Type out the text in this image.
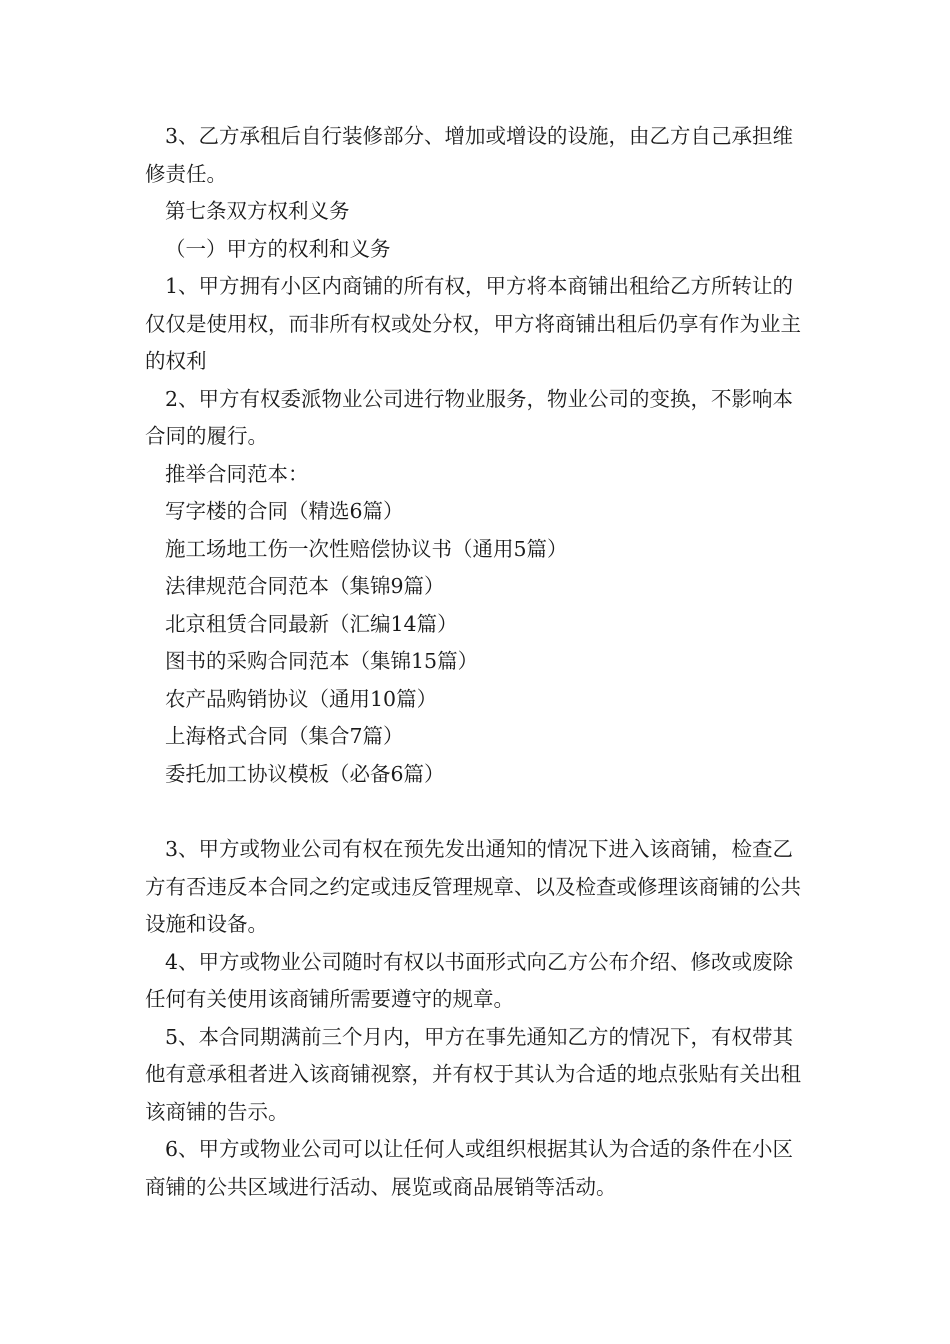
3、乙方承租后自行装修部分、增加或增设的设施，由乙方自己承担维修责任。

第七条双方权利义务

（一）甲方的权利和义务

1、甲方拥有小区内商铺的所有权，甲方将本商铺出租给乙方所转让的仅仅是使用权，而非所有权或处分权，甲方将商铺出租后仍享有作为业主的权利

2、甲方有权委派物业公司进行物业服务，物业公司的变换，不影响本合同的履行。

推举合同范本：

写字楼的合同（精选6篇）

施工场地工伤一次性赔偿协议书（通用5篇）

法律规范合同范本（集锦9篇）

北京租赁合同最新（汇编14篇）

图书的采购合同范本（集锦15篇）

农产品购销协议（通用10篇）

上海格式合同（集合7篇）

委托加工协议模板（必备6篇）

3、甲方或物业公司有权在预先发出通知的情况下进入该商铺，检查乙方有否违反本合同之约定或违反管理规章、以及检查或修理该商铺的公共设施和设备。

4、甲方或物业公司随时有权以书面形式向乙方公布介绍、修改或废除任何有关使用该商铺所需要遵守的规章。

5、本合同期满前三个月内，甲方在事先通知乙方的情况下，有权带其他有意承租者进入该商铺视察，并有权于其认为合适的地点张贴有关出租该商铺的告示。

6、甲方或物业公司可以让任何人或组织根据其认为合适的条件在小区商铺的公共区域进行活动、展览或商品展销等活动。
